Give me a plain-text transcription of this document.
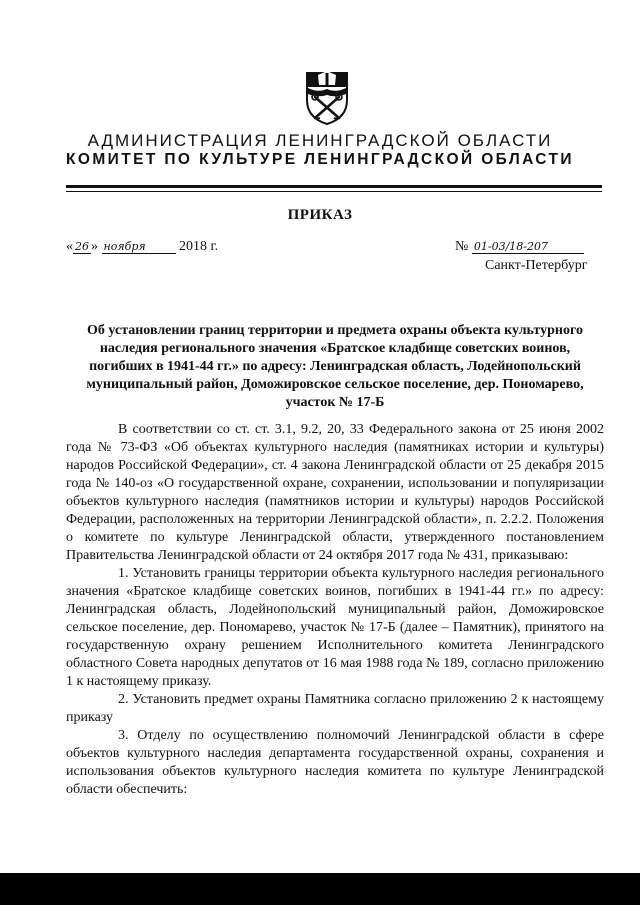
АДМИНИСТРАЦИЯ ЛЕНИНГРАДСКОЙ ОБЛАСТИ
КОМИТЕТ ПО КУЛЬТУРЕ ЛЕНИНГРАДСКОЙ ОБЛАСТИ
ПРИКАЗ
« 26 » ноября 2018 г.	№ 01-03/18-207
Санкт-Петербург
Об установлении границ территории и предмета охраны объекта культурного наследия регионального значения «Братское кладбище советских воинов, погибших в 1941-44 гг.» по адресу: Ленинградская область, Лодейнопольский муниципальный район, Доможировское сельское поселение, дер. Пономарево, участок № 17-Б
В соответствии со ст. ст. 3.1, 9.2, 20, 33 Федерального закона от 25 июня 2002 года № 73-ФЗ «Об объектах культурного наследия (памятниках истории и культуры) народов Российской Федерации», ст. 4 закона Ленинградской области от 25 декабря 2015 года № 140-оз «О государственной охране, сохранении, использовании и популяризации объектов культурного наследия (памятников истории и культуры) народов Российской Федерации, расположенных на территории Ленинградской области», п. 2.2.2. Положения о комитете по культуре Ленинградской области, утвержденного постановлением Правительства Ленинградской области от 24 октября 2017 года № 431, приказываю:
1. Установить границы территории объекта культурного наследия регионального значения «Братское кладбище советских воинов, погибших в 1941-44 гг.» по адресу: Ленинградская область, Лодейнопольский муниципальный район, Доможировское сельское поселение, дер. Пономарево, участок № 17-Б (далее – Памятник), принятого на государственную охрану решением Исполнительного комитета Ленинградского областного Совета народных депутатов от 16 мая 1988 года № 189, согласно приложению 1 к настоящему приказу.
2. Установить предмет охраны Памятника согласно приложению 2 к настоящему приказу
3. Отделу по осуществлению полномочий Ленинградской области в сфере объектов культурного наследия департамента государственной охраны, сохранения и использования объектов культурного наследия комитета по культуре Ленинградской области обеспечить:
